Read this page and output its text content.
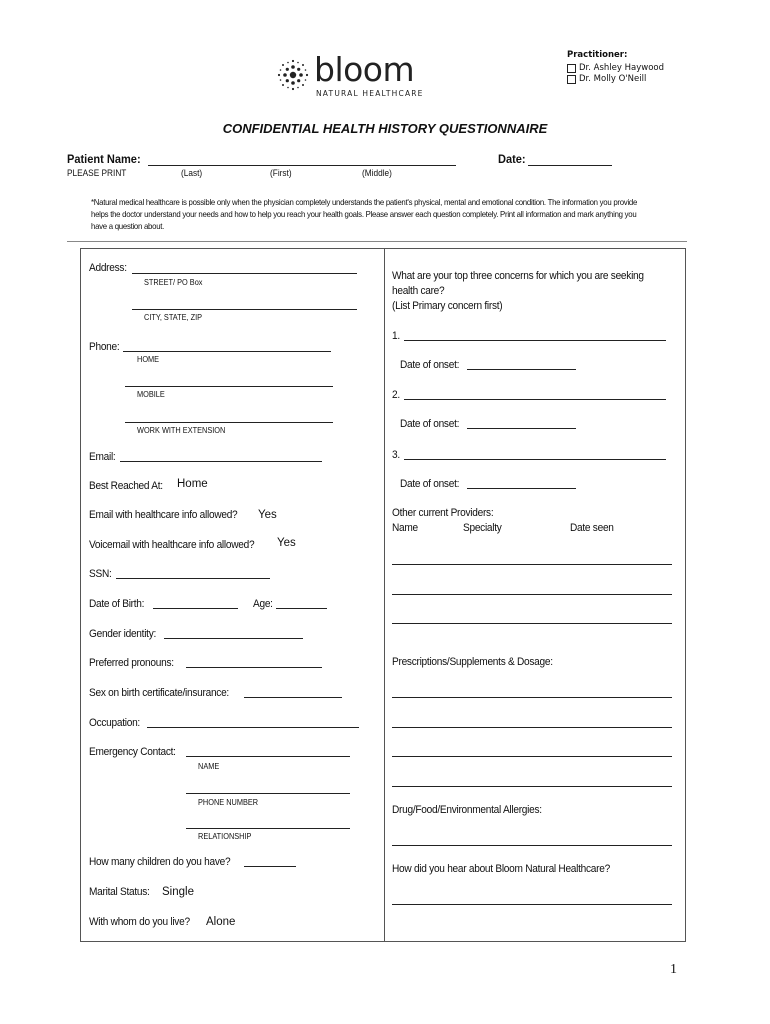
bloom
NATURAL HEALTHCARE
Practitioner:
Dr. Ashley Haywood
Dr. Molly O'Neill
CONFIDENTIAL HEALTH HISTORY QUESTIONNAIRE
Patient Name:	Date:
PLEASE PRINT	(Last)	(First)	(Middle)
*Natural medical healthcare is possible only when the physician completely understands the patient's physical, mental and emotional condition. The information you provide helps the doctor understand your needs and how to help you reach your health goals. Please answer each question completely. Print all information and mark anything you have a question about.
Address:
STREET/ PO Box
CITY, STATE, ZIP
Phone:
HOME
MOBILE
WORK WITH EXTENSION
Email:
Best Reached At: Home
Email with healthcare info allowed? Yes
Voicemail with healthcare info allowed? Yes
SSN:
Date of Birth:	Age:
Gender identity:
Preferred pronouns:
Sex on birth certificate/insurance:
Occupation:
Emergency Contact:
NAME
PHONE NUMBER
RELATIONSHIP
How many children do you have?
Marital Status: Single
With whom do you live? Alone
What are your top three concerns for which you are seeking
health care?
(List Primary concern first)
1.
Date of onset:
2.
Date of onset:
3.
Date of onset:
Other current Providers:
Name	Specialty	Date seen
Prescriptions/Supplements & Dosage:
Drug/Food/Environmental Allergies:
How did you hear about Bloom Natural Healthcare?
1
